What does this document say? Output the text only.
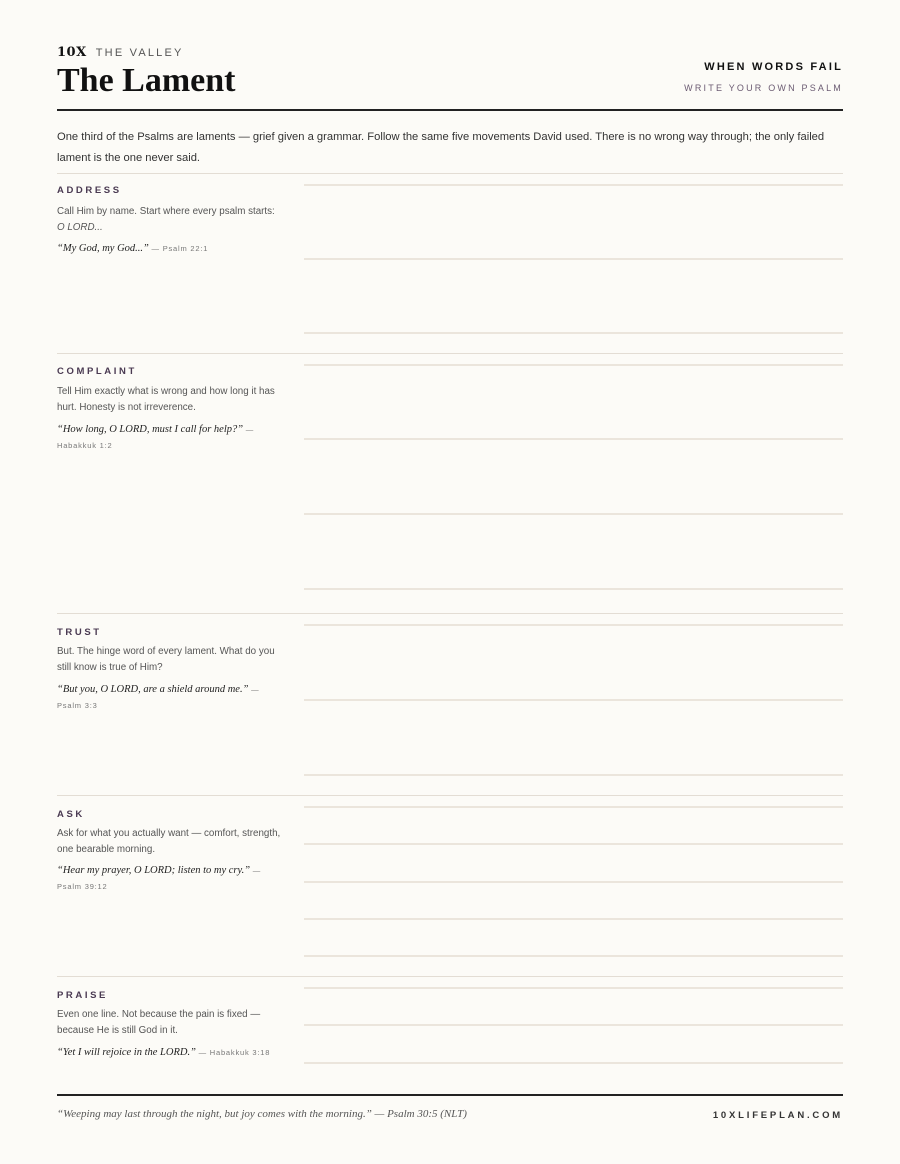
10X THE VALLEY
The Lament	WHEN WORDS FAIL
WRITE YOUR OWN PSALM
One third of the Psalms are laments — grief given a grammar. Follow the same five movements David used. There is no wrong way through; the only failed lament is the one never said.
ADDRESS
Call Him by name. Start where every psalm starts:
O LORD...
“My God, my God...” — Psalm 22:1
COMPLAINT
Tell Him exactly what is wrong and how long it has hurt. Honesty is not irreverence.
“How long, O LORD, must I call for help?” — Habakkuk 1:2
TRUST
But. The hinge word of every lament. What do you still know is true of Him?
“But you, O LORD, are a shield around me.” — Psalm 3:3
ASK
Ask for what you actually want — comfort, strength, one bearable morning.
“Hear my prayer, O LORD; listen to my cry.” — Psalm 39:12
PRAISE
Even one line. Not because the pain is fixed — because He is still God in it.
“Yet I will rejoice in the LORD.” — Habakkuk 3:18
“Weeping may last through the night, but joy comes with the morning.” — Psalm 30:5 (NLT)	10XLIFEPLAN.COM
